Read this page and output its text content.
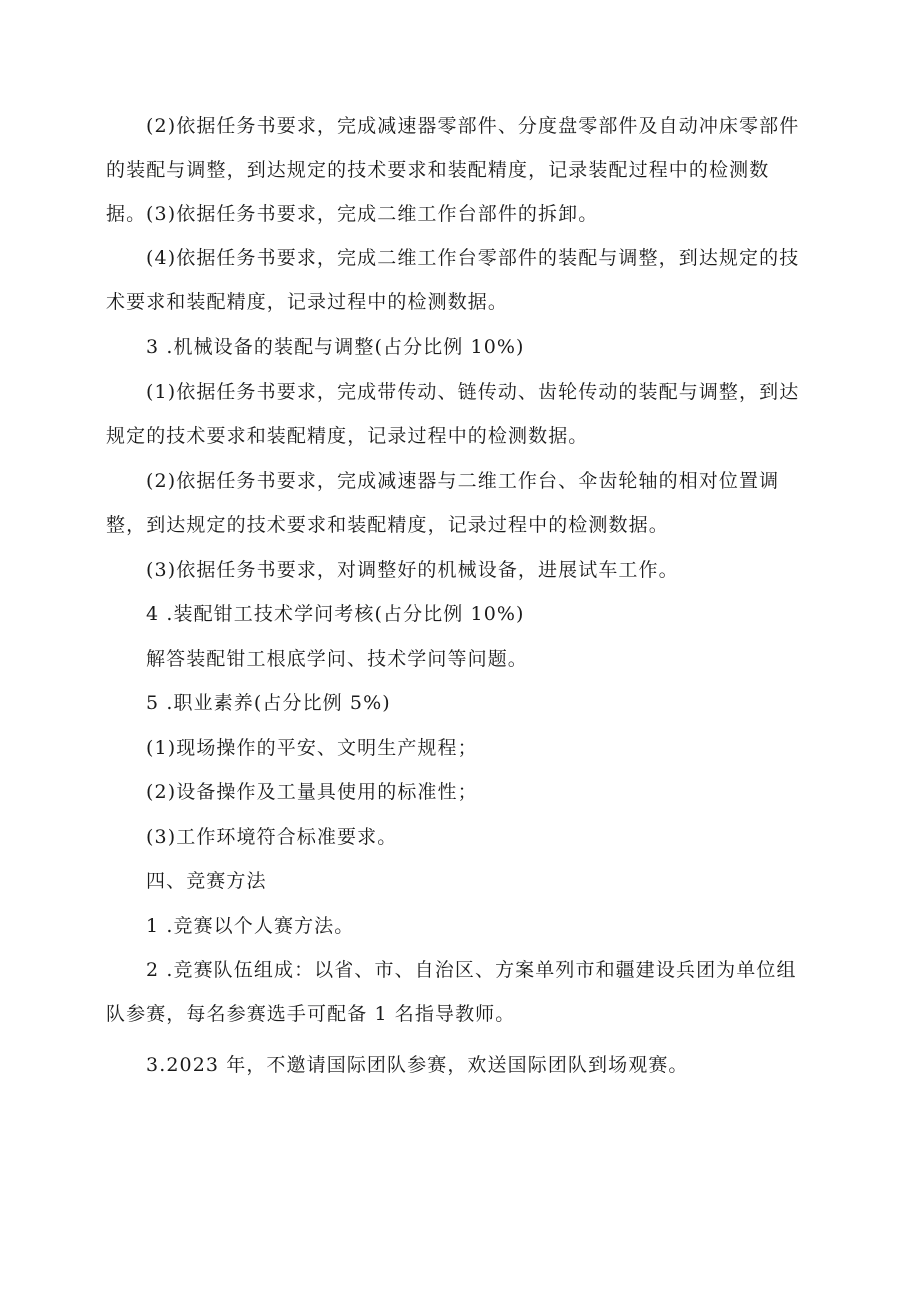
(2)依据任务书要求，完成减速器零部件、分度盘零部件及自动冲床零部件的装配与调整，到达规定的技术要求和装配精度，记录装配过程中的检测数据。 (3)依据任务书要求，完成二维工作台部件的拆卸。

(4)依据任务书要求，完成二维工作台零部件的装配与调整，到达规定的技术要求和装配精度，记录过程中的检测数据。

3 .机械设备的装配与调整(占分比例 10%)

(1)依据任务书要求，完成带传动、链传动、齿轮传动的装配与调整，到达规定的技术要求和装配精度，记录过程中的检测数据。

(2)依据任务书要求，完成减速器与二维工作台、伞齿轮轴的相对位置调整，到达规定的技术要求和装配精度，记录过程中的检测数据。

(3)依据任务书要求，对调整好的机械设备，进展试车工作。

4 .装配钳工技术学问考核(占分比例 10%)

解答装配钳工根底学问、技术学问等问题。

5 .职业素养(占分比例 5%)

(1)现场操作的平安、文明生产规程；

(2)设备操作及工量具使用的标准性；

(3)工作环境符合标准要求。

四、竞赛方法

1 .竞赛以个人赛方法。

2 .竞赛队伍组成：以省、市、自治区、方案单列市和疆建设兵团为单位组队参赛，每名参赛选手可配备 1 名指导教师。

3.2023 年，不邀请国际团队参赛，欢送国际团队到场观赛。
